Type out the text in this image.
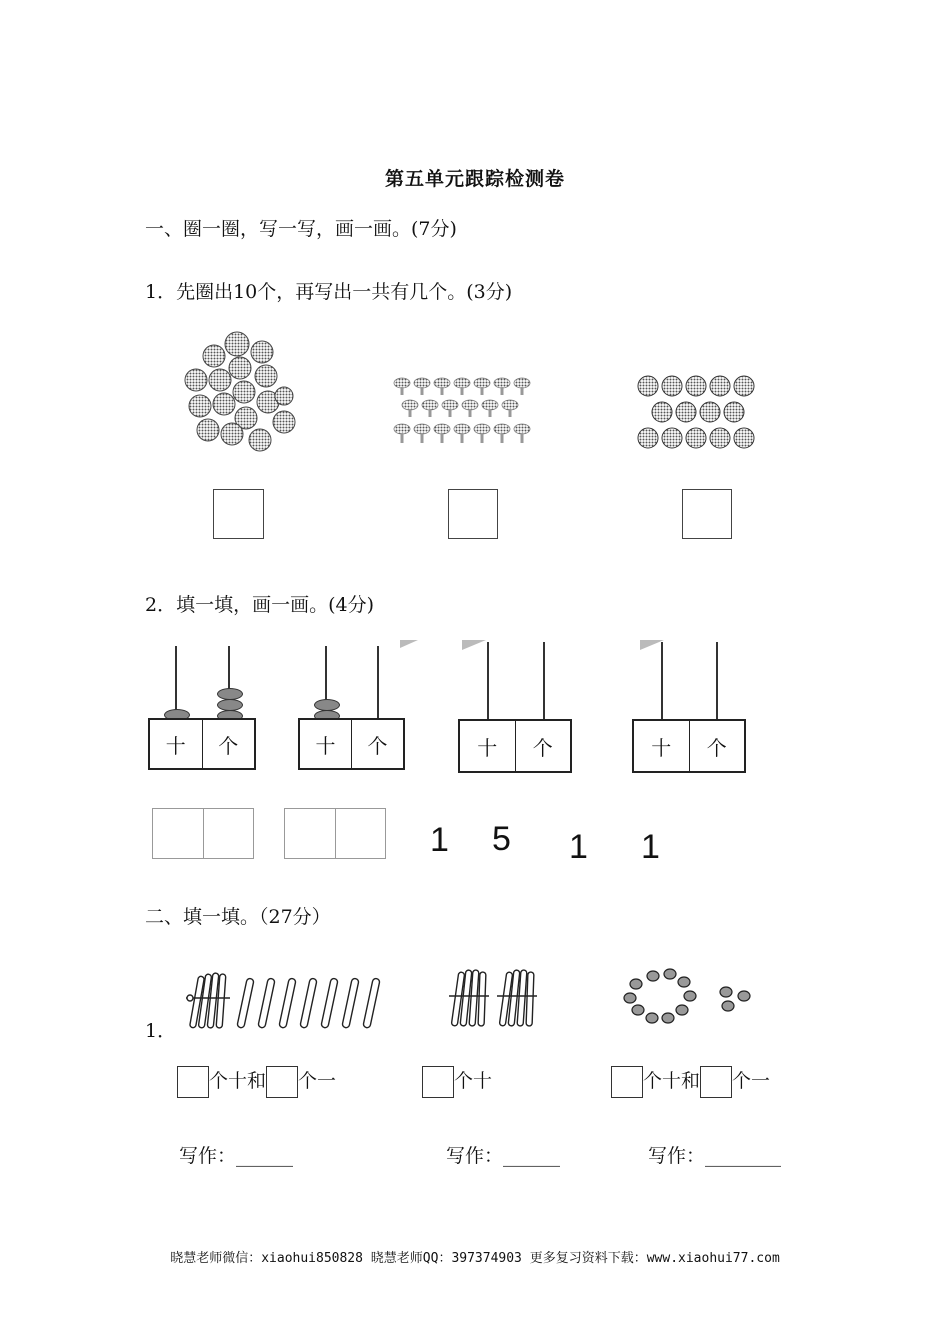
第五单元跟踪检测卷
一、圈一圈，写一写，画一画。(7分)
1．先圈出10个，再写出一共有几个。(3分)
2．填一填，画一画。(4分)
十	个	十	个	十	个	十	个
1 5 1 1
二、填一填。（27分）
1．
个十和 个一	个十	个十和 个一
写作：______	写作：______	写作：________
晓慧老师微信：xiaohui850828 晓慧老师QQ：397374903 更多复习资料下载：www.xiaohui77.com
